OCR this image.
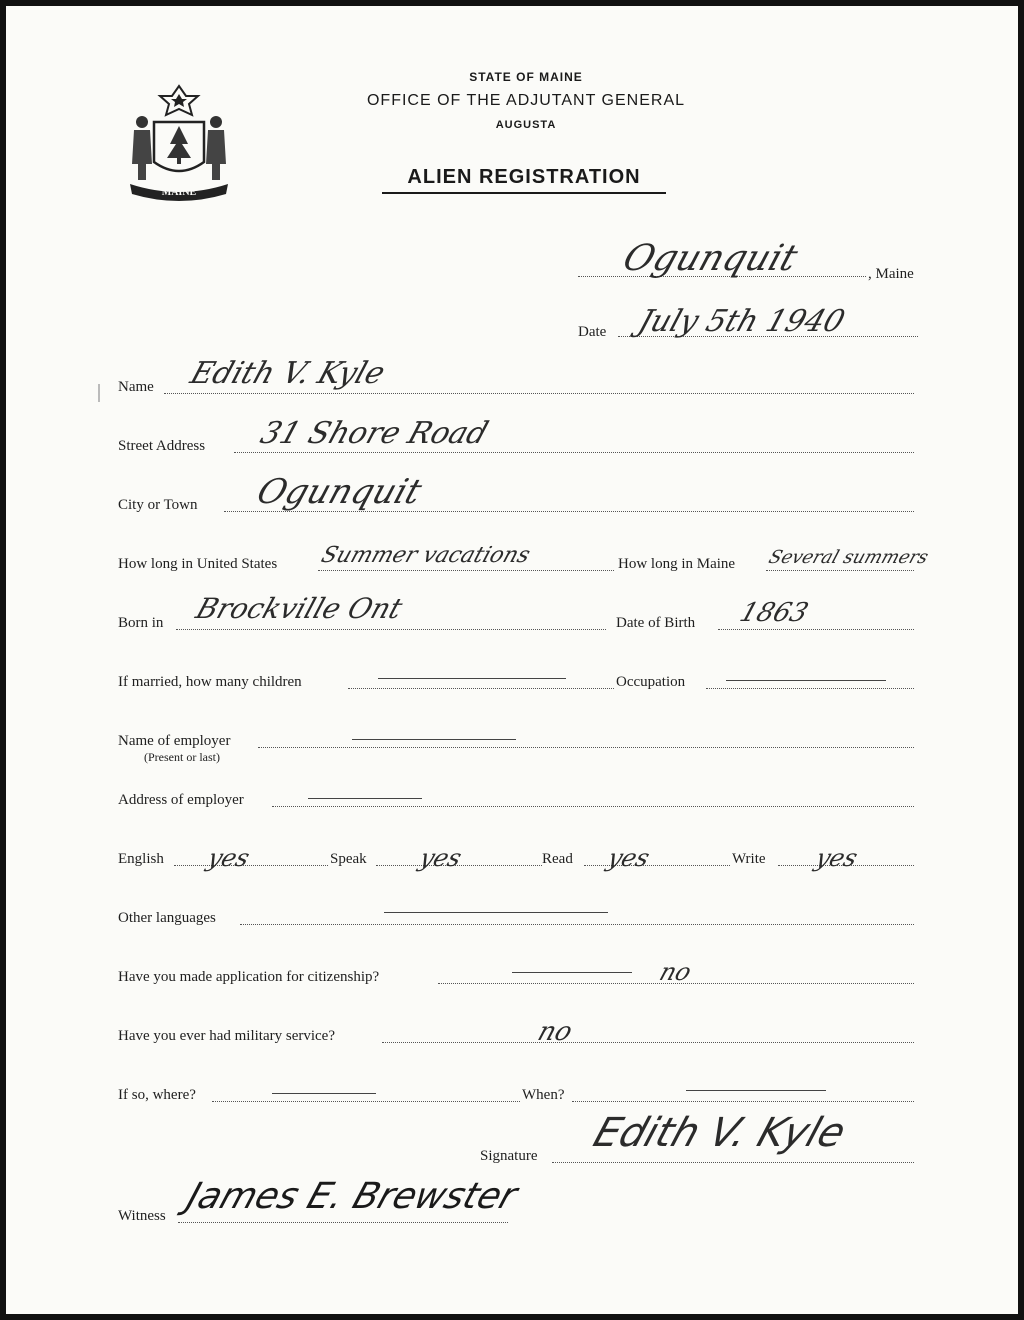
MAINE
STATE OF MAINE
OFFICE OF THE ADJUTANT GENERAL
AUGUSTA
ALIEN REGISTRATION
Ogunquit	, Maine
Date July 5th 1940
Name Edith V. Kyle
Street Address 31 Shore Road
City or Town Ogunquit
How long in United States Summer vacations	How long in Maine Several summers
Born in Brockville Ont	Date of Birth 1863
If married, how many children	Occupation
Name of employer
(Present or last)
Address of employer
English yes	Speak yes	Read yes	Write yes
Other languages
Have you made application for citizenship?	no
Have you ever had military service?	no
If so, where?	When?
Signature Edith V. Kyle
Witness James E. Brewster
